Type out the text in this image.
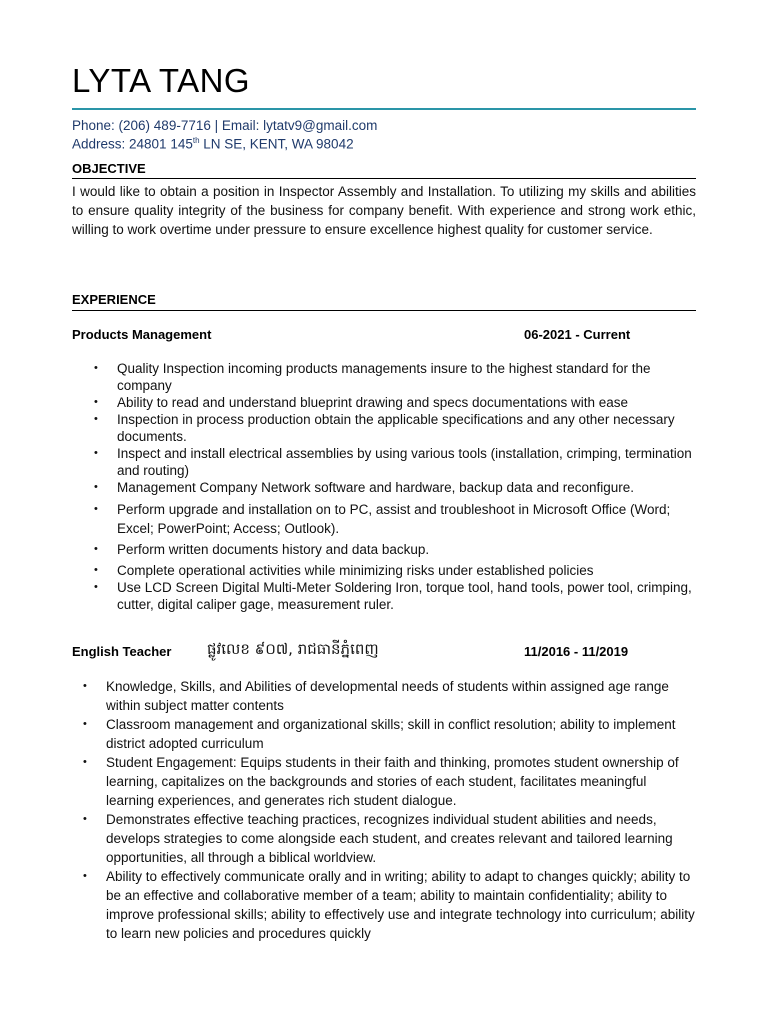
LYTA TANG
Phone: (206) 489-7716 | Email: lytatv9@gmail.com
Address: 24801 145th LN SE, KENT, WA 98042
OBJECTIVE
I would like to obtain a position in Inspector Assembly and Installation. To utilizing my skills and abilities to ensure quality integrity of the business for company benefit. With experience and strong work ethic, willing to work overtime under pressure to ensure excellence highest quality for customer service.
EXPERIENCE
Products Management	06-2021 - Current
• Quality Inspection incoming products managements insure to the highest standard for the company
• Ability to read and understand blueprint drawing and specs documentations with ease
• Inspection in process production obtain the applicable specifications and any other necessary documents.
• Inspect and install electrical assemblies by using various tools (installation, crimping, termination and routing)
• Management Company Network software and hardware, backup data and reconfigure.
• Perform upgrade and installation on to PC, assist and troubleshoot in Microsoft Office (Word; Excel; PowerPoint; Access; Outlook).
• Perform written documents history and data backup.
• Complete operational activities while minimizing risks under established policies
• Use LCD Screen Digital Multi-Meter Soldering Iron, torque tool, hand tools, power tool, crimping, cutter, digital caliper gage, measurement ruler.
English Teacher ផ្លូវលេខ ៩០៧, រាជធានីភ្នំពេញ	11/2016 - 11/2019
• Knowledge, Skills, and Abilities of developmental needs of students within assigned age range within subject matter contents
• Classroom management and organizational skills; skill in conflict resolution; ability to implement district adopted curriculum
• Student Engagement: Equips students in their faith and thinking, promotes student ownership of learning, capitalizes on the backgrounds and stories of each student, facilitates meaningful learning experiences, and generates rich student dialogue.
• Demonstrates effective teaching practices, recognizes individual student abilities and needs, develops strategies to come alongside each student, and creates relevant and tailored learning opportunities, all through a biblical worldview.
• Ability to effectively communicate orally and in writing; ability to adapt to changes quickly; ability to be an effective and collaborative member of a team; ability to maintain confidentiality; ability to improve professional skills; ability to effectively use and integrate technology into curriculum; ability to learn new policies and procedures quickly
